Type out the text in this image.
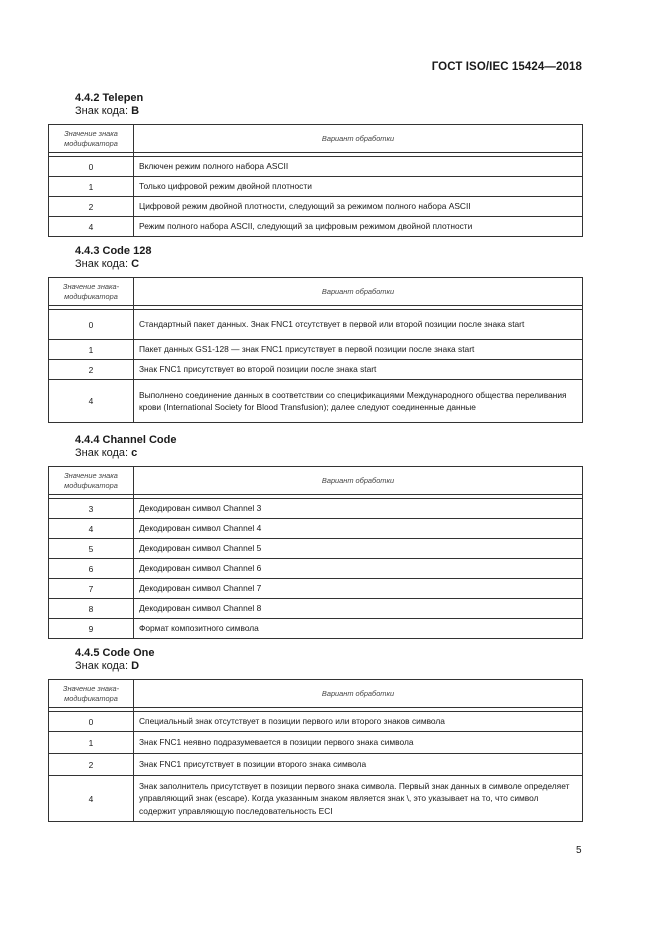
ГОСТ ISO/IEC 15424—2018
4.4.2 Telepen
Знак кода: B
Значение знака модификатора	Вариант обработки

0	Включен режим полного набора ASCII
1	Только цифровой режим двойной плотности
2	Цифровой режим двойной плотности, следующий за режимом полного набора ASCII
4	Режим полного набора ASCII, следующий за цифровым режимом двойной плотности
4.4.3 Code 128
Знак кода: C
Значение знака-модификатора	Вариант обработки

0	Стандартный пакет данных. Знак FNC1 отсутствует в первой или второй позиции после знака start
1	Пакет данных GS1-128 — знак FNC1 присутствует в первой позиции после знака start
2	Знак FNC1 присутствует во второй позиции после знака start
4	Выполнено соединение данных в соответствии со спецификациями Международного общества переливания крови (International Society for Blood Transfusion); далее следуют соединенные данные
4.4.4 Channel Code
Знак кода: c
Значение знака модификатора	Вариант обработки

3	Декодирован символ Channel 3
4	Декодирован символ Channel 4
5	Декодирован символ Channel 5
6	Декодирован символ Channel 6
7	Декодирован символ Channel 7
8	Декодирован символ Channel 8
9	Формат композитного символа
4.4.5 Code One
Знак кода: D
Значение знака-модификатора	Вариант обработки

0	Специальный знак отсутствует в позиции первого или второго знаков символа
1	Знак FNC1 неявно подразумевается в позиции первого знака символа
2	Знак FNC1 присутствует в позиции второго знака символа
4	Знак заполнитель присутствует в позиции первого знака символа. Первый знак данных в символе определяет управляющий знак (escape). Когда указанным знаком является знак \, это указывает на то, что символ содержит управляющую последовательность ECI
5
